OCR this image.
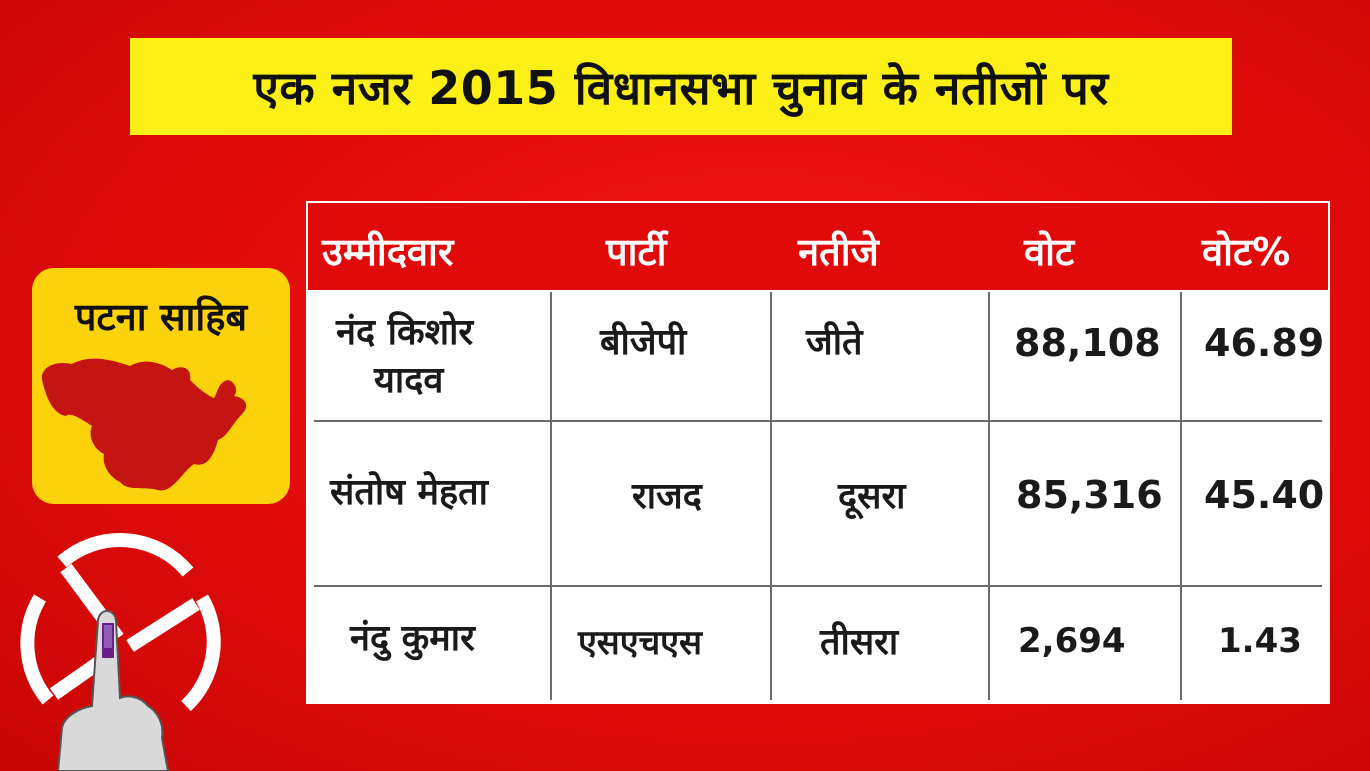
एक नजर 2015 विधानसभा चुनाव के नतीजों पर
पटना साहिब
उम्मीदवार	पार्टी	नतीजे	वोट	वोट%
नंद किशोर
यादव
बीजेपी	जीते	88,108 46.89
संतोष मेहता	राजद	दूसरा	85,316 45.40
नंदु कुमार	एसएचएस	तीसरा	2,694	1.43
